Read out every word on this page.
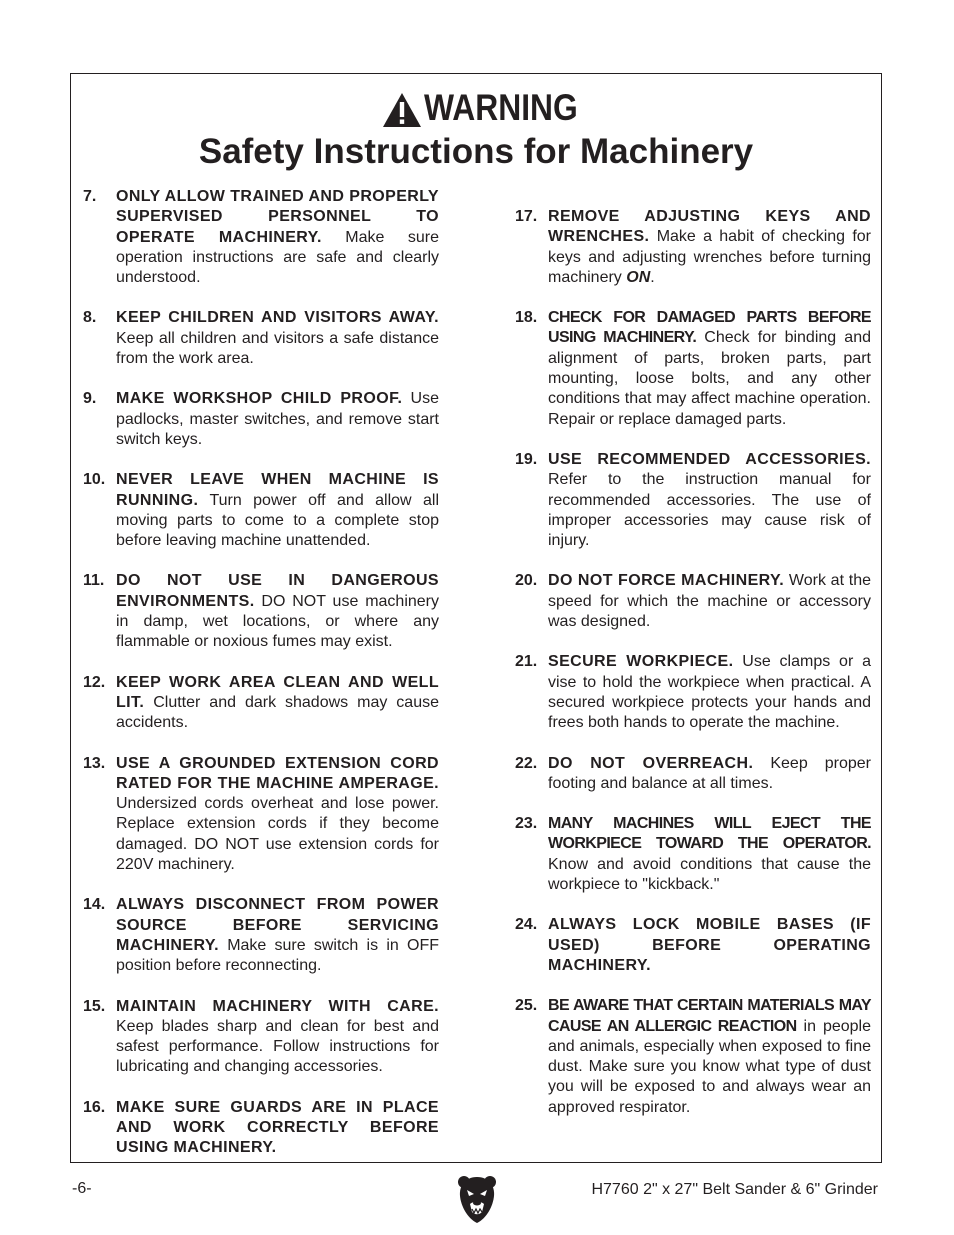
WARNING
Safety Instructions for Machinery
7.	ONLY ALLOW TRAINED AND PROPERLY SUPERVISED PERSONNEL TO OPERATE MACHINERY. Make sure operation instructions are safe and clearly understood.
8.	KEEP CHILDREN AND VISITORS AWAY. Keep all children and visitors a safe distance from the work area.
9.	MAKE WORKSHOP CHILD PROOF. Use padlocks, master switches, and remove start switch keys.
10. NEVER LEAVE WHEN MACHINE IS RUNNING. Turn power off and allow all moving parts to come to a complete stop before leaving machine unattended.
11. DO NOT USE IN DANGEROUS ENVIRONMENTS. DO NOT use machinery in damp, wet locations, or where any flammable or noxious fumes may exist.
12. KEEP WORK AREA CLEAN AND WELL LIT. Clutter and dark shadows may cause accidents.
13. USE A GROUNDED EXTENSION CORD RATED FOR THE MACHINE AMPERAGE. Undersized cords overheat and lose power. Replace extension cords if they become damaged. DO NOT use extension cords for 220V machinery.
14. ALWAYS DISCONNECT FROM POWER SOURCE BEFORE SERVICING MACHINERY. Make sure switch is in OFF position before reconnecting.
15. MAINTAIN MACHINERY WITH CARE. Keep blades sharp and clean for best and safest performance. Follow instructions for lubricating and changing accessories.
16. MAKE SURE GUARDS ARE IN PLACE AND WORK CORRECTLY BEFORE USING MACHINERY.
17. REMOVE ADJUSTING KEYS AND WRENCHES. Make a habit of checking for keys and adjusting wrenches before turning machinery ON.
18. CHECK FOR DAMAGED PARTS BEFORE USING MACHINERY. Check for binding and alignment of parts, broken parts, part mounting, loose bolts, and any other conditions that may affect machine operation. Repair or replace damaged parts.
19. USE RECOMMENDED ACCESSORIES. Refer to the instruction manual for recommended accessories. The use of improper accessories may cause risk of injury.
20. DO NOT FORCE MACHINERY. Work at the speed for which the machine or accessory was designed.
21. SECURE WORKPIECE. Use clamps or a vise to hold the workpiece when practical. A secured workpiece protects your hands and frees both hands to operate the machine.
22. DO NOT OVERREACH. Keep proper footing and balance at all times.
23. MANY MACHINES WILL EJECT THE WORKPIECE TOWARD THE OPERATOR. Know and avoid conditions that cause the workpiece to "kickback."
24. ALWAYS LOCK MOBILE BASES (IF USED) BEFORE OPERATING MACHINERY.
25. BE AWARE THAT CERTAIN MATERIALS MAY CAUSE AN ALLERGIC REACTION in people and animals, especially when exposed to fine dust. Make sure you know what type of dust you will be exposed to and always wear an approved respirator.
-6-	H7760 2" x 27" Belt Sander & 6" Grinder
